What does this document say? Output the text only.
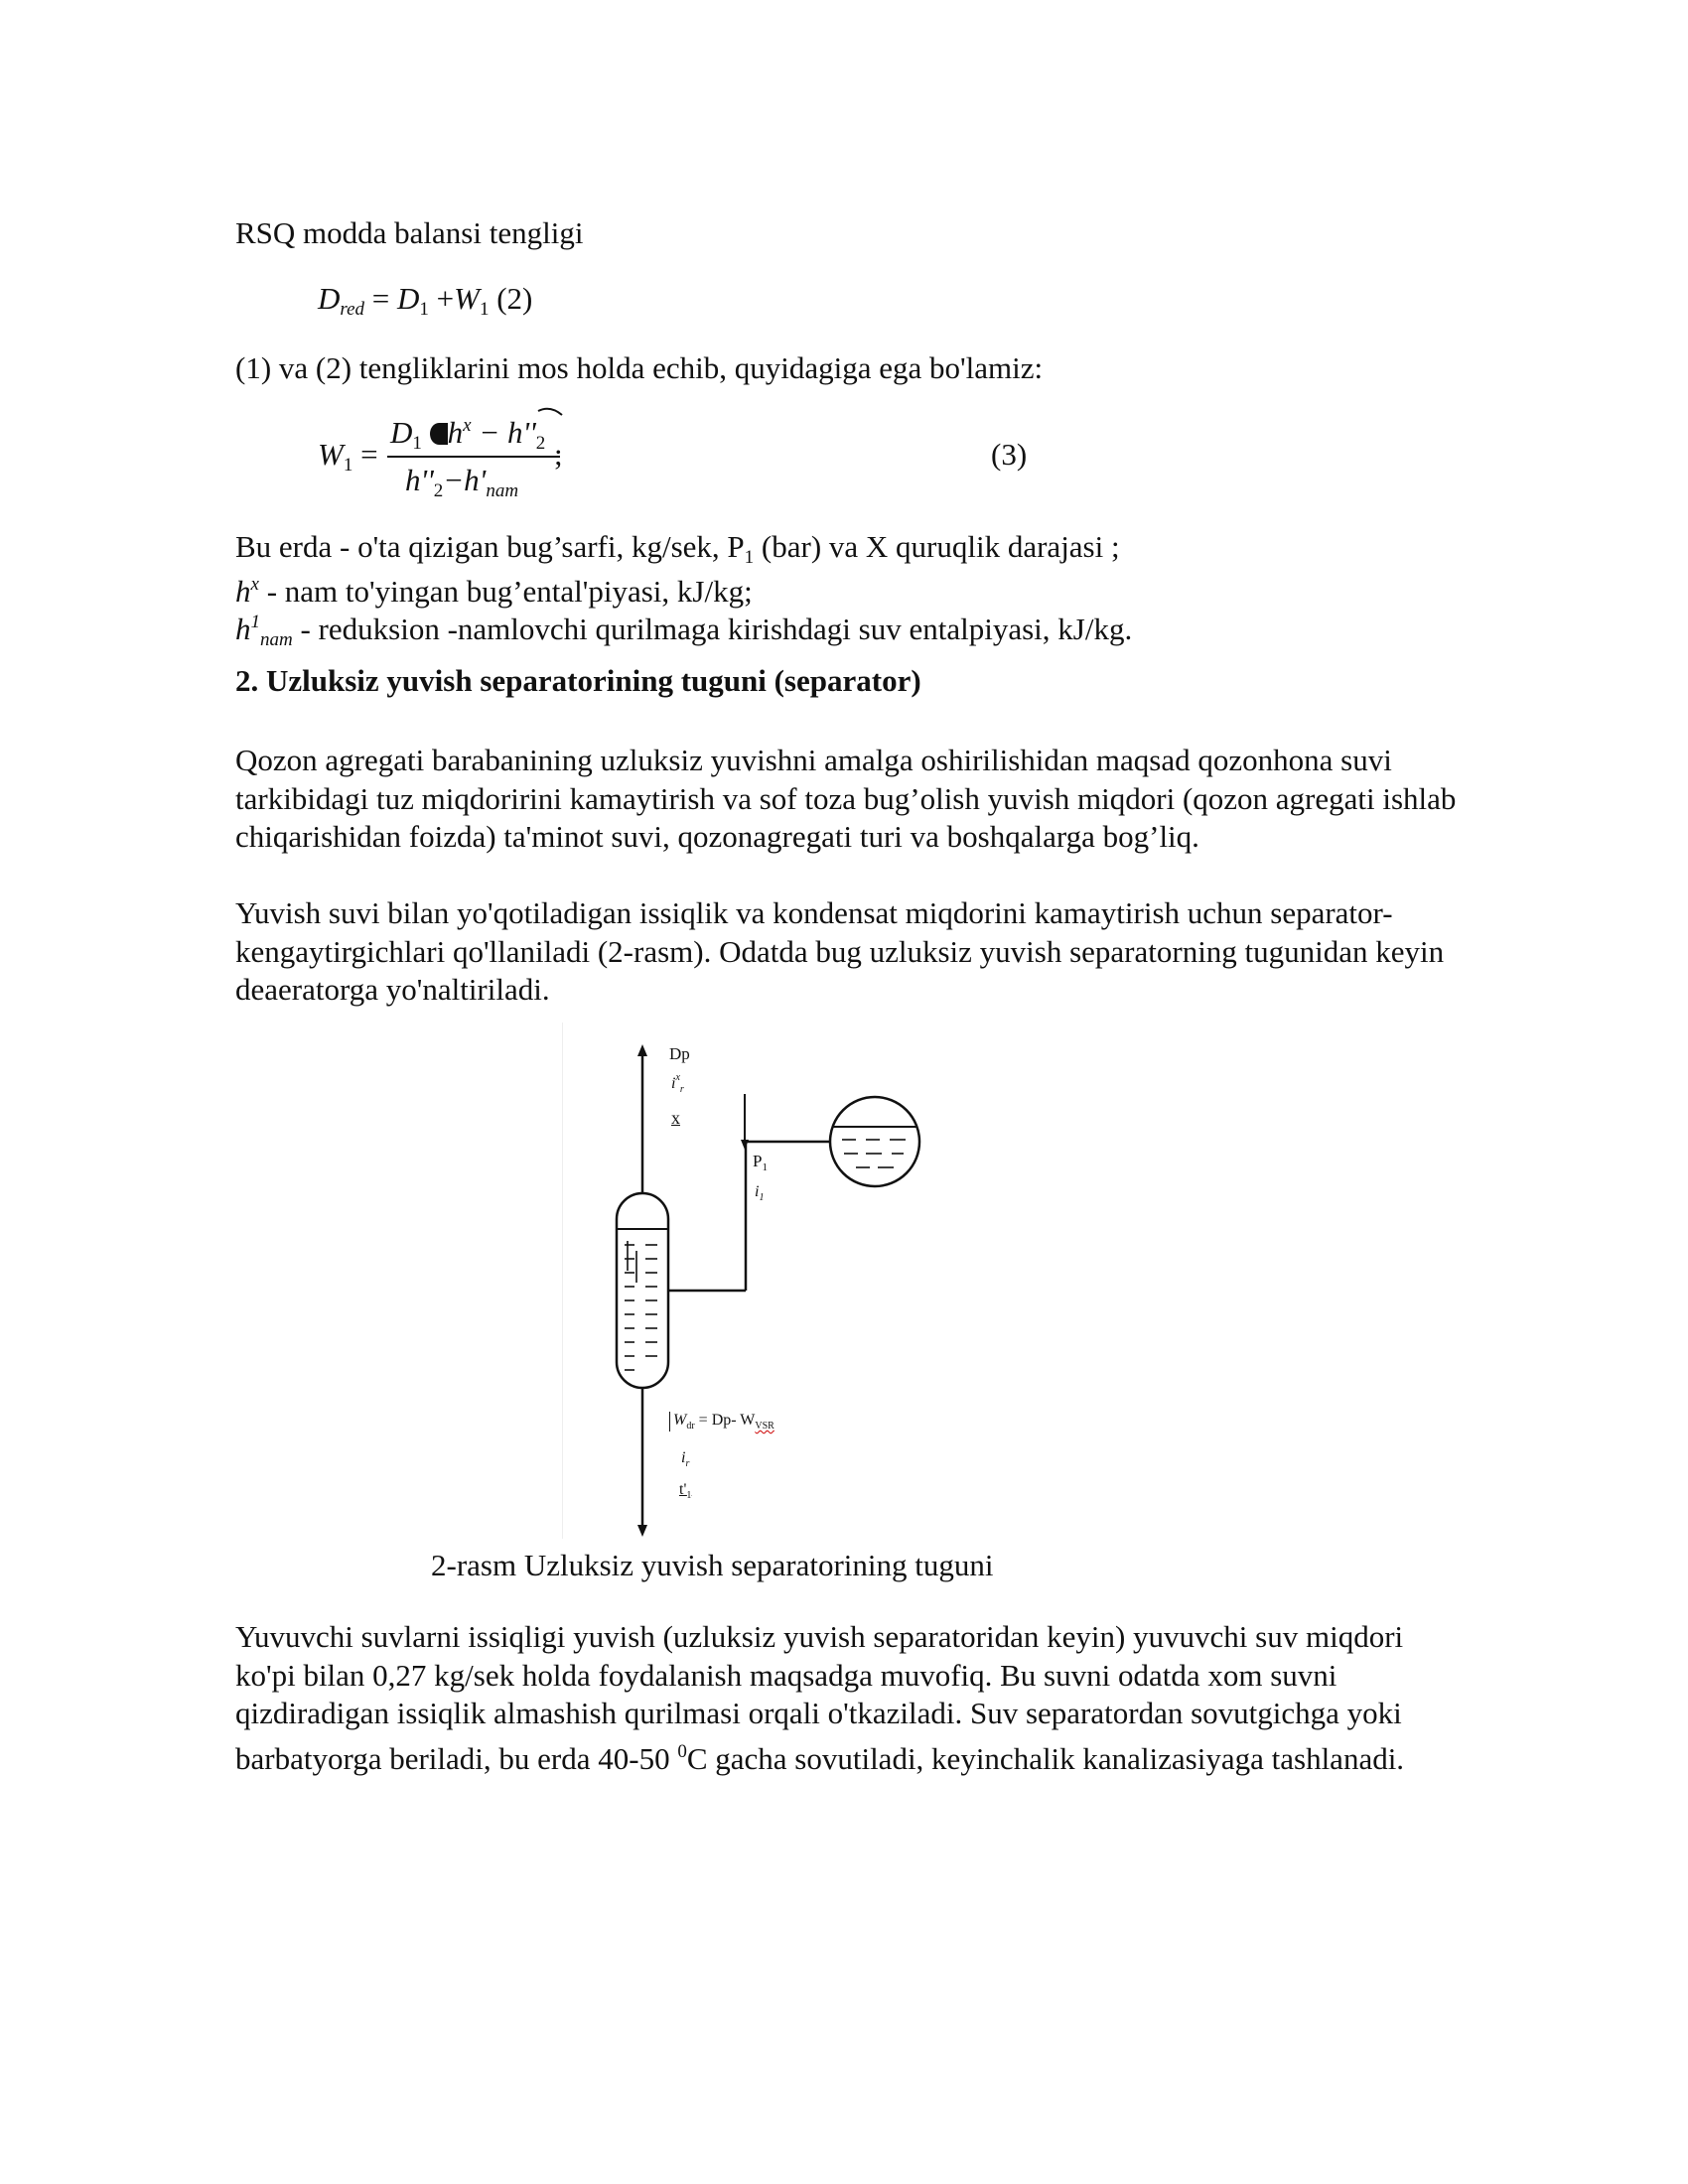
RSQ modda balansi tengligi

$D_{red} = D_1 +W_1$ (2)

(1) va (2) tengliklarini mos holda echib, quyidagiga ega bo'lamiz:

$W_1$ =
$D_1$ $h^x - h''_2$
$h''_2-h'_{nam}$
;	(3)

Bu erda - o'ta qizigan bug’sarfi, kg/sek, $P_1$ (bar) va X quruqlik darajasi ;

$h^x$ - nam to'yingan bug’ental'piyasi, kJ/kg;

$h^1_{nam}$ - reduksion -namlovchi qurilmaga kirishdagi suv entalpiyasi, kJ/kg.

2. Uzluksiz yuvish separatorining tuguni (separator)

Qozon agregati barabanining uzluksiz yuvishni amalga oshirilishidan maqsad qozonhona suvi tarkibidagi tuz miqdoririni kamaytirish va sof toza bug’olish yuvish miqdori (qozon agregati ishlab chiqarishidan foizda) ta'minot suvi, qozonagregati turi va boshqalarga bog’liq.

Yuvish suvi bilan yo'qotiladigan issiqlik va kondensat miqdorini kamaytirish uchun separator-kengaytirgichlari qo'llaniladi (2-rasm). Odatda bug uzluksiz yuvish separatorning tugunidan keyin deaeratorga yo'naltiriladi.

Dp
$i^x_r$
x
$P_1$
$i_1$
$W_{dr} = Dp-$ $W_{VSR}$
$i_r$
$t'_1$

2-rasm Uzluksiz yuvish separatorining tuguni

Yuvuvchi suvlarni issiqligi yuvish (uzluksiz yuvish separatoridan keyin) yuvuvchi suv miqdori ko'pi bilan 0,27 kg/sek holda foydalanish maqsadga muvofiq. Bu suvni odatda xom suvni qizdiradigan issiqlik almashish qurilmasi orqali o'tkaziladi. Suv separatordan sovutgichga yoki barbatyorga beriladi, bu erda 40-50 $^0$C gacha sovutiladi, keyinchalik kanalizasiyaga tashlanadi.
